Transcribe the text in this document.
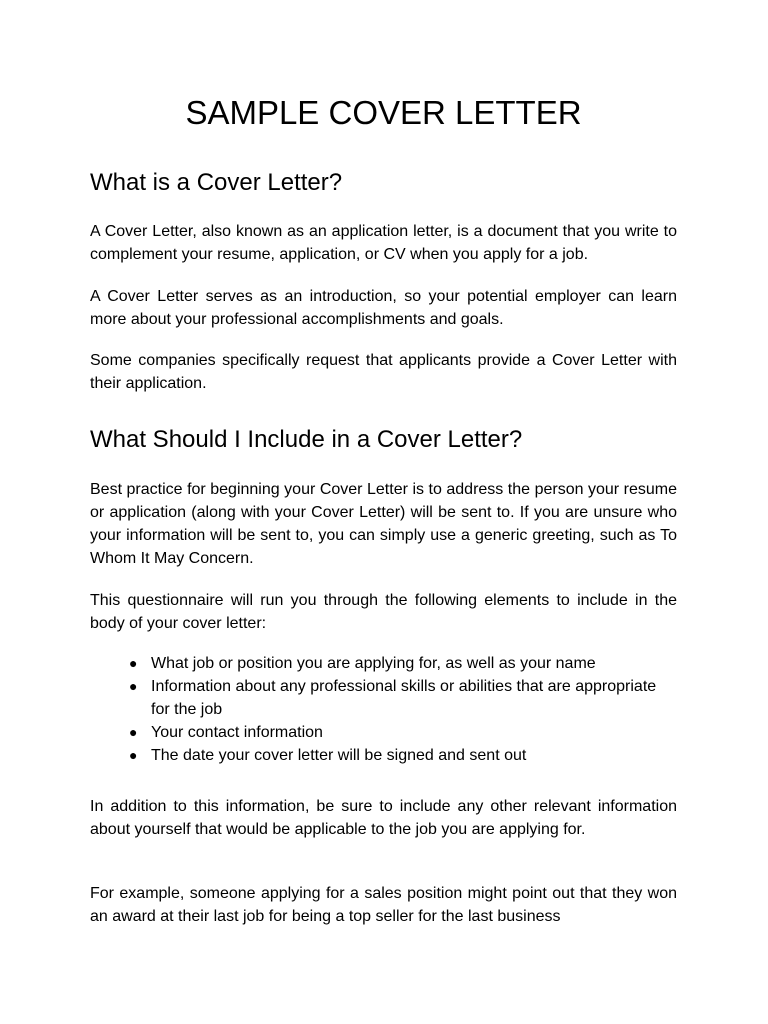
SAMPLE COVER LETTER
What is a Cover Letter?

A Cover Letter, also known as an application letter, is a document that you write to complement your resume, application, or CV when you apply for a job.

A Cover Letter serves as an introduction, so your potential employer can learn more about your professional accomplishments and goals.

Some companies specifically request that applicants provide a Cover Letter with their application.

What Should I Include in a Cover Letter?

Best practice for beginning your Cover Letter is to address the person your resume or application (along with your Cover Letter) will be sent to. If you are unsure who your information will be sent to, you can simply use a generic greeting, such as To Whom It May Concern.

This questionnaire will run you through the following elements to include in the body of your cover letter:

● What job or position you are applying for, as well as your name
● Information about any professional skills or abilities that are appropriate for the job
● Your contact information
● The date your cover letter will be signed and sent out

In addition to this information, be sure to include any other relevant information about yourself that would be applicable to the job you are applying for.

For example, someone applying for a sales position might point out that they won an award at their last job for being a top seller for the last business
